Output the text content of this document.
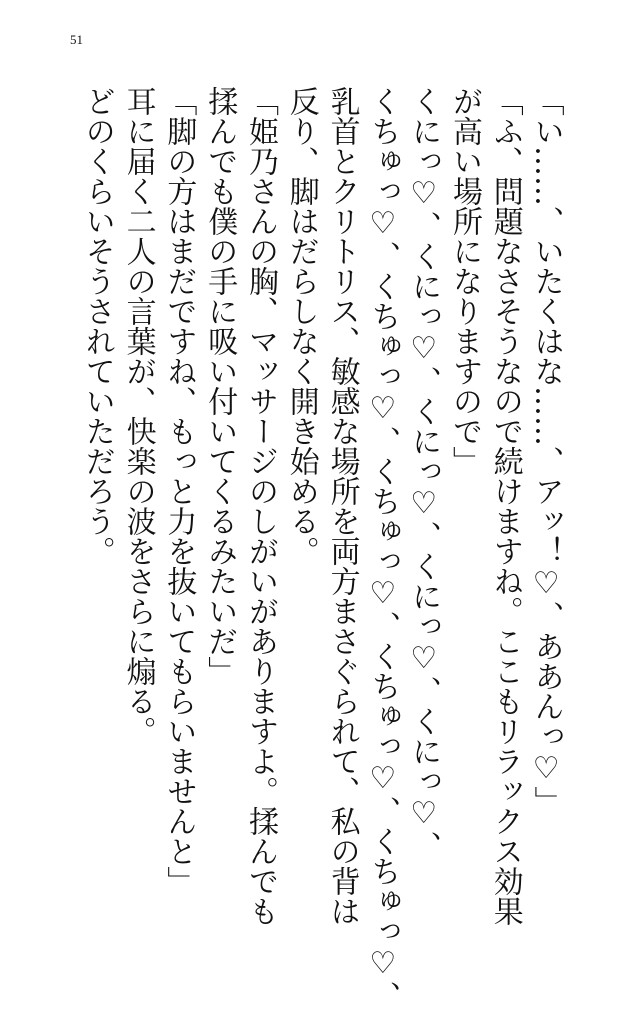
51
「い……、いたくはな……、アッ！♡、ああんっ♡」
「ふ、問題なさそうなので続けますね。ここもリラックス効果
が高い場所になりますので」
くにっ♡、くにっ♡、くにっ♡、くにっ♡、くにっ♡、
くちゅっ♡、くちゅっ♡、くちゅっ♡、くちゅっ♡、くちゅっ♡、
乳首とクリトリス、敏感な場所を両方まさぐられて、私の背は
反り、脚はだらしなく開き始める。
「姫乃さんの胸、マッサージのしがいがありますよ。揉んでも
揉んでも僕の手に吸い付いてくるみたいだ」
「脚の方はまだですね、もっと力を抜いてもらいませんと」
耳に届く二人の言葉が、快楽の波をさらに煽る。
どのくらいそうされていただろう。
